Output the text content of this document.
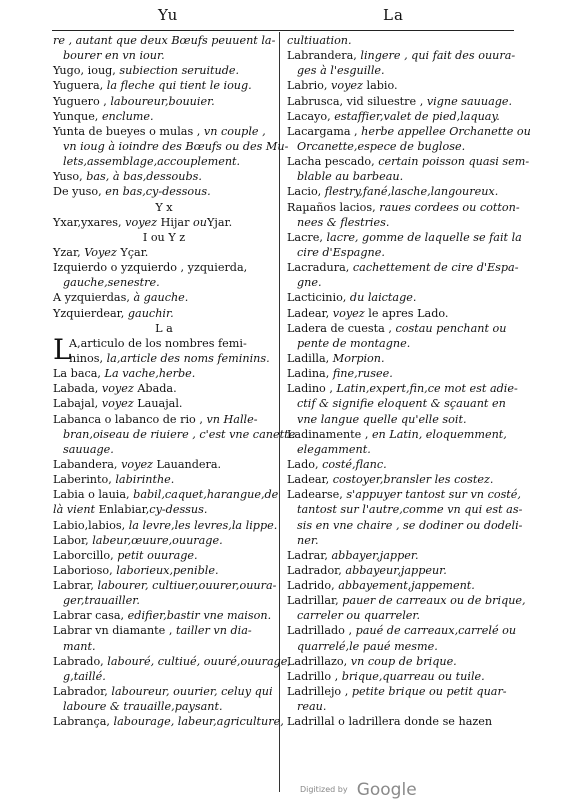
Yu	La
re , autant que deux Bœufs peuuent la-
bourer en vn iour.
Yugo, ioug, subiection seruitude.
Yuguera, la fleche qui tient le ioug.
Yuguero , laboureur,bouuier.
Yunque, enclume.
Yunta de bueyes o mulas , vn couple ,
vn ioug à ioindre des Bœufs ou des Mu-
lets,assemblage,accouplement.
Yuso, bas, à bas,dessoubs.
De yuso, en bas,cy-dessous.
Y x
Yxar,yxares, voyez Hijar ouYjar.
I ou Y z
Yzar, Voyez Yçar.
Izquierdo o yzquierdo , yzquierda,
gauche,senestre.
A yzquierdas, à gauche.
Yzquierdear, gauchir.
L a
LA,articulo de los nombres femi-
ninos, la,article des noms feminins.
La baca, La vache,herbe.
Labada, voyez Abada.
Labajal, voyez Lauajal.
Labanca o labanco de rio , vn Halle-
bran,oiseau de riuiere , c'est vne canette
sauuage.
Labandera, voyez Lauandera.
Laberinto, labirinthe.
Labia o lauia, babil,caquet,harangue,de
là vient Enlabiar,cy-dessus.
Labio,labios, la levre,les levres,la lippe.
Labor, labeur,œuure,ouurage.
Laborcillo, petit ouurage.
Laborioso, laborieux,penible.
Labrar, labourer, cultiuer,ouurer,ouura-
ger,trauailler.
Labrar casa, edifier,bastir vne maison.
Labrar vn diamante , tailler vn dia-
mant.
Labrado, labouré, cultiué, ouuré,ouurage,
g,taillé.
Labrador, laboureur, ouurier, celuy qui
laboure & trauaille,paysant.
Labrança, labourage, labeur,agriculture,
cultiuation.
Labrandera, lingere , qui fait des ouura-
ges à l'esguille.
Labrio, voyez labio.
Labrusca, vid siluestre , vigne sauuage.
Lacayo, estaffier,valet de pied,laquay.
Lacargama , herbe appellee Orchanette ou
Orcanette,espece de buglose.
Lacha pescado, certain poisson quasi sem-
blable au barbeau.
Lacio, flestry,fané,lasche,langoureux.
Raµaños lacios, raues cordees ou cotton-
nees & flestries.
Lacre, lacre, gomme de laquelle se fait la
cire d'Espagne.
Lacradura, cachettement de cire d'Espa-
gne.
Lacticinio, du laictage.
Ladear, voyez le apres Lado.
Ladera de cuesta , costau penchant ou
pente de montagne.
Ladilla, Morpion.
Ladina, fine,rusee.
Ladino , Latin,expert,fin,ce mot est adie-
ctif & signifie eloquent & sçauant en
vne langue quelle qu'elle soit.
Ladinamente , en Latin, eloquemment,
elegamment.
Lado, costé,flanc.
Ladear, costoyer,bransler les costez.
Ladearse, s'appuyer tantost sur vn costé,
tantost sur l'autre,comme vn qui est as-
sis en vne chaire , se dodiner ou dodeli-
ner.
Ladrar, abbayer,japper.
Ladrador, abbayeur,jappeur.
Ladrido, abbayement,jappement.
Ladrillar, pauer de carreaux ou de brique,
carreler ou quarreler.
Ladrillado , paué de carreaux,carrelé ou
quarrelé,le paué mesme.
Ladrillazo, vn coup de brique.
Ladrillo , brique,quarreau ou tuile.
Ladrillejo , petite brique ou petit quar-
reau.
Ladrillal o ladrillera donde se hazen
Digitized by Google
